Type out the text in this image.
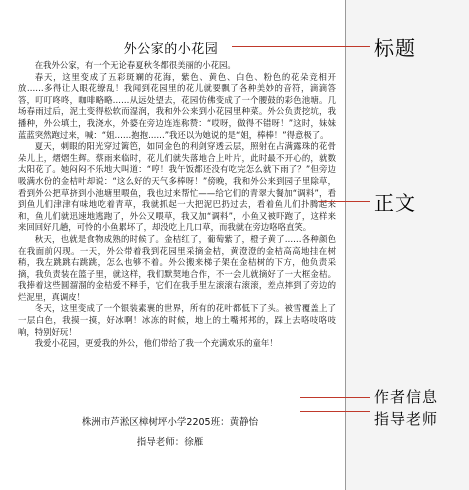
外公家的小花园

在我外公家，有一个无论春夏秋冬都很美丽的小花园。

春天，这里变成了五彩斑斓的花海，紫色、黄色、白色、粉色的花朵竞相开放……多得让人眼花缭乱！我闻到花园里的花儿就要飘了各种美妙的音符，滴滴答答，叮叮咚咚，咖啡略略……从远处望去，花园仿佛变成了一个腰鼓的彩色池塘。几场春雨过后，泥土变得松软而湿润，我和外公来到小花园里种菜。外公负责挖坑，我播种，外公填土，我浇水，外婆在旁边连连称赞：“哎呀，做得不错呀！”这时，妹妹蓝蓝突然跑过来，喊：“姐……抱抱……”我还以为她说的是“姐，棒棒！”得意极了。

夏天，刺眼的阳光穿过篱笆，如同金色的利剑穿透云层，照射在占满露珠的花骨朵儿上，熠熠生辉。蔡雨来临时，花儿们就失落地合上叶片，此时最不开心的，就数太阳花了。她闷闷不乐地大叫道：“哼！我午饭都还没有吃完怎么就下雨了？”但旁边吸满水份的金桔叶却说：“这么好的天气多棒呀！”傍晚，我和外公来到园子里除草，看到外公把草挤到小池塘里喂鱼，我也过来帮忙——给它们的青翠大餐加“调料”，看到鱼儿们津津有味地吃着青草，我就抓起一大把泥巴扔过去，看着鱼儿们扑腾起来和，鱼儿们就迅速地逃跑了，外公又喂草，我又加“调料”，小鱼又被吓跑了，这样来来回回好几趟，可怜的小鱼累坏了，却没吃上几口草，而我就在旁边咯咯直笑。

秋天，也就是食物成熟的时候了。金桔红了，葡萄紫了，橙子黄了……各种颜色在我面前闪现。一天，外公带着我到花园里采摘金桔，黄澄澄的金桔高高地挂在树稍，我左跳跳右跳跳，怎么也够不着。外公搬来梯子架在金桔树的下方，他负责采摘，我负责装在篮子里，就这样，我们默契地合作，不一会儿就摘好了一大框金桔。我捧着这些圆溜溜的金桔爱不释手，它们在我手里左滚滚右滚滚，差点摔到了旁边的烂泥里，真调皮！

冬天，这里变成了一个银装素裹的世界，所有的花叶都低下了头。被雪覆盖上了一层白色，我摸一摸，好冰啊！冰冻的时候，地上的土嘴邦邦的，踩上去咯吱咯吱响，特别好玩！

我爱小花园，更爱我的外公，他们带给了我一个充满欢乐的童年！

株洲市芦淞区樟树坪小学2205班：黄静怡
指导老师：徐雁
标题
正文
作者信息
指导老师
